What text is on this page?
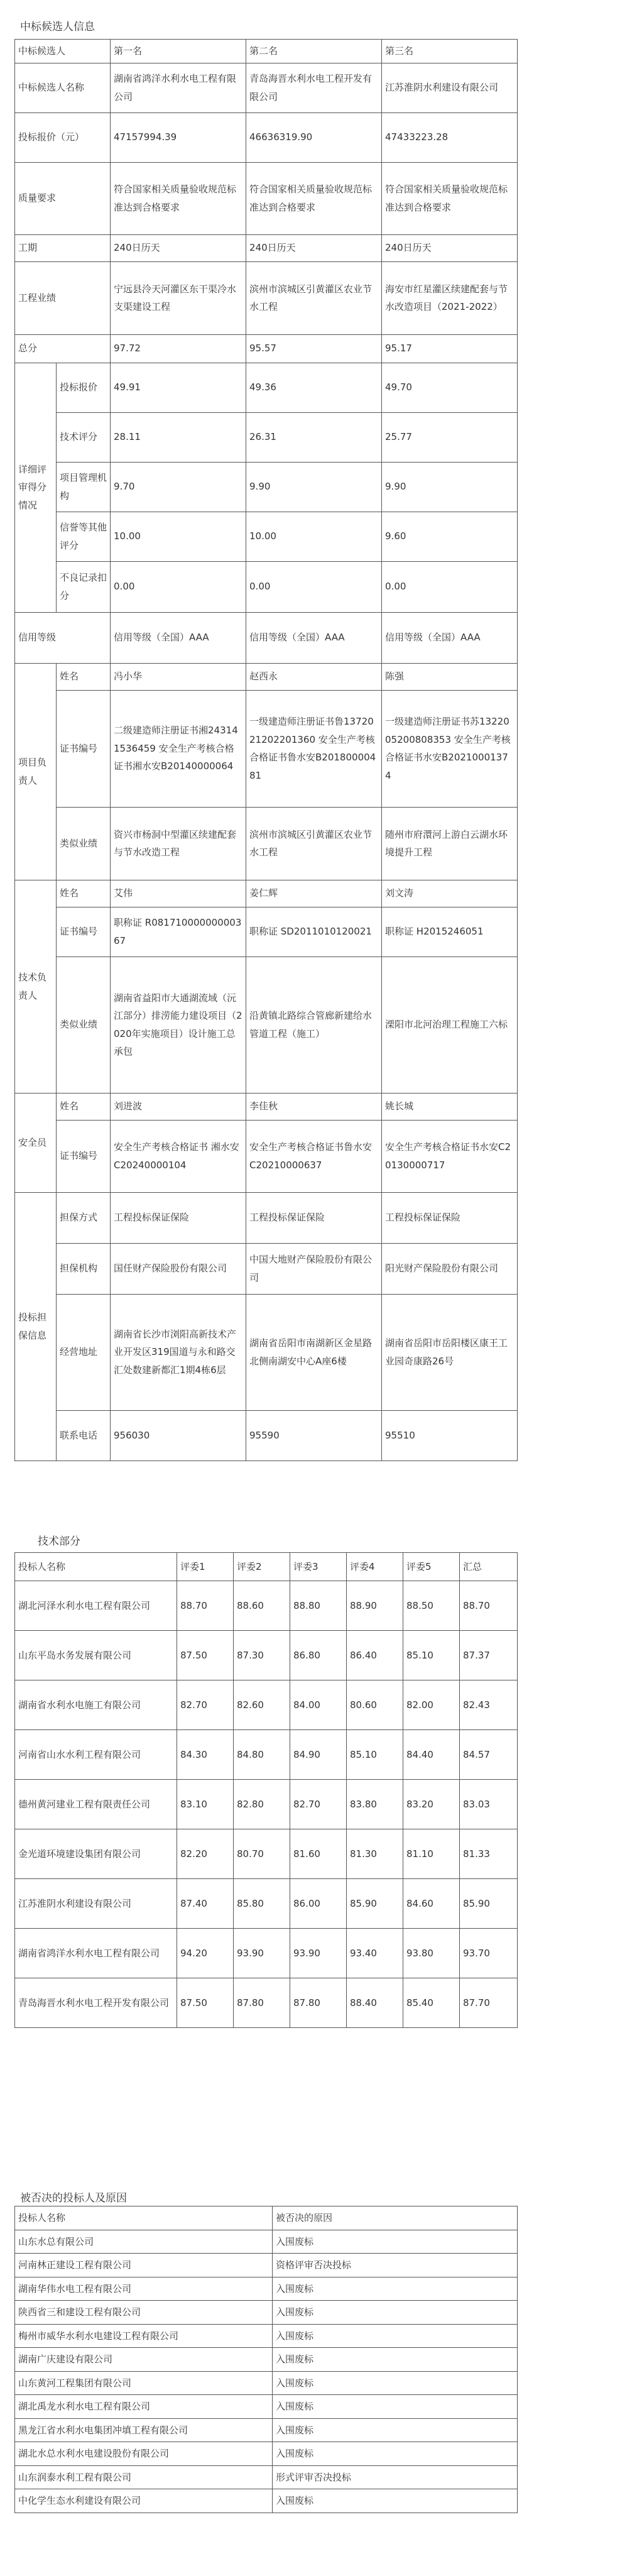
中标候选人信息
中标候选人		第一名	第二名	第三名
中标候选人名称		湖南省鸿洋水利水电工程有限公司	青岛海晋水利水电工程开发有限公司	江苏淮阴水利建设有限公司
投标报价（元）		47157994.39	46636319.90	47433223.28
质量要求		符合国家相关质量验收规范标准达到合格要求	符合国家相关质量验收规范标准达到合格要求	符合国家相关质量验收规范标准达到合格要求
工期		240日历天	240日历天	240日历天
工程业绩		宁远县泠天河灌区东干渠冷水支渠建设工程	滨州市滨城区引黄灌区农业节水工程	海安市红星灌区续建配套与节水改造项目（2021-2022）
总分		97.72	95.57	95.17
详细评审得分情况	投标报价	49.91	49.36	49.70
	技术评分	28.11	26.31	25.77
	项目管理机构	9.70	9.90	9.90
	信誉等其他评分	10.00	10.00	9.60
	不良记录扣分	0.00	0.00	0.00
信用等级		信用等级（全国）AAA	信用等级（全国）AAA	信用等级（全国）AAA
项目负责人	姓名	冯小华	赵西永	陈强
	证书编号	二级建造师注册证书湘243141536459 安全生产考核合格证书湘水安B20140000064	一级建造师注册证书鲁1372021202201360 安全生产考核合格证书鲁水安B20180000481	一级建造师注册证书苏1322005200808353 安全生产考核合格证书水安B20210001374
	类似业绩	资兴市杨洞中型灌区续建配套与节水改造工程	滨州市滨城区引黄灌区农业节水工程	随州市府澴河上游白云湖水环境提升工程
技术负责人	姓名	艾伟	姜仁辉	刘文涛
	证书编号	职称证 R08171000000000367	职称证 SD2011010120021	职称证 H2015246051
	类似业绩	湖南省益阳市大通湖流域（沅江部分）排涝能力建设项目（2020年实施项目）设计施工总承包	沿黄镇北路综合管廊新建给水管道工程（施工）	溧阳市北河治理工程施工六标
安全员	姓名	刘进波	李佳秋	姚长城
	证书编号	安全生产考核合格证书 湘水安C20240000104	安全生产考核合格证书鲁水安C20210000637	安全生产考核合格证书水安C20130000717
投标担保信息	担保方式	工程投标保证保险	工程投标保证保险	工程投标保证保险
	担保机构	国任财产保险股份有限公司	中国大地财产保险股份有限公司	阳光财产保险股份有限公司
	经营地址	湖南省长沙市浏阳高新技术产业开发区319国道与永和路交汇处数建新都汇1期4栋6层	湖南省岳阳市南湖新区金星路北侧南湖安中心A座6楼	湖南省岳阳市岳阳楼区康王工业园奇康路26号
	联系电话	956030	95590	95510
技术部分
投标人名称	评委1	评委2	评委3	评委4	评委5	汇总
湖北河泽水利水电工程有限公司	88.70	88.60	88.80	88.90	88.50	88.70
山东平岛水务发展有限公司	87.50	87.30	86.80	86.40	85.10	87.37
湖南省水利水电施工有限公司	82.70	82.60	84.00	80.60	82.00	82.43
河南省山水水利工程有限公司	84.30	84.80	84.90	85.10	84.40	84.57
德州黄河建业工程有限责任公司	83.10	82.80	82.70	83.80	83.20	83.03
金光道环境建设集团有限公司	82.20	80.70	81.60	81.30	81.10	81.33
江苏淮阴水利建设有限公司	87.40	85.80	86.00	85.90	84.60	85.90
湖南省鸿洋水利水电工程有限公司	94.20	93.90	93.90	93.40	93.80	93.70
青岛海晋水利水电工程开发有限公司	87.50	87.80	87.80	88.40	85.40	87.70
被否决的投标人及原因
投标人名称	被否决的原因
山东水总有限公司	入围废标
河南林正建设工程有限公司	资格评审否决投标
湖南华伟水电工程有限公司	入围废标
陕西省三和建设工程有限公司	入围废标
梅州市威华水利水电建设工程有限公司	入围废标
湖南广庆建设有限公司	入围废标
山东黄河工程集团有限公司	入围废标
湖北禹龙水利水电工程有限公司	入围废标
黑龙江省水利水电集团冲填工程有限公司	入围废标
湖北水总水利水电建设股份有限公司	入围废标
山东润泰水利工程有限公司	形式评审否决投标
中化学生态水利建设有限公司	入围废标
